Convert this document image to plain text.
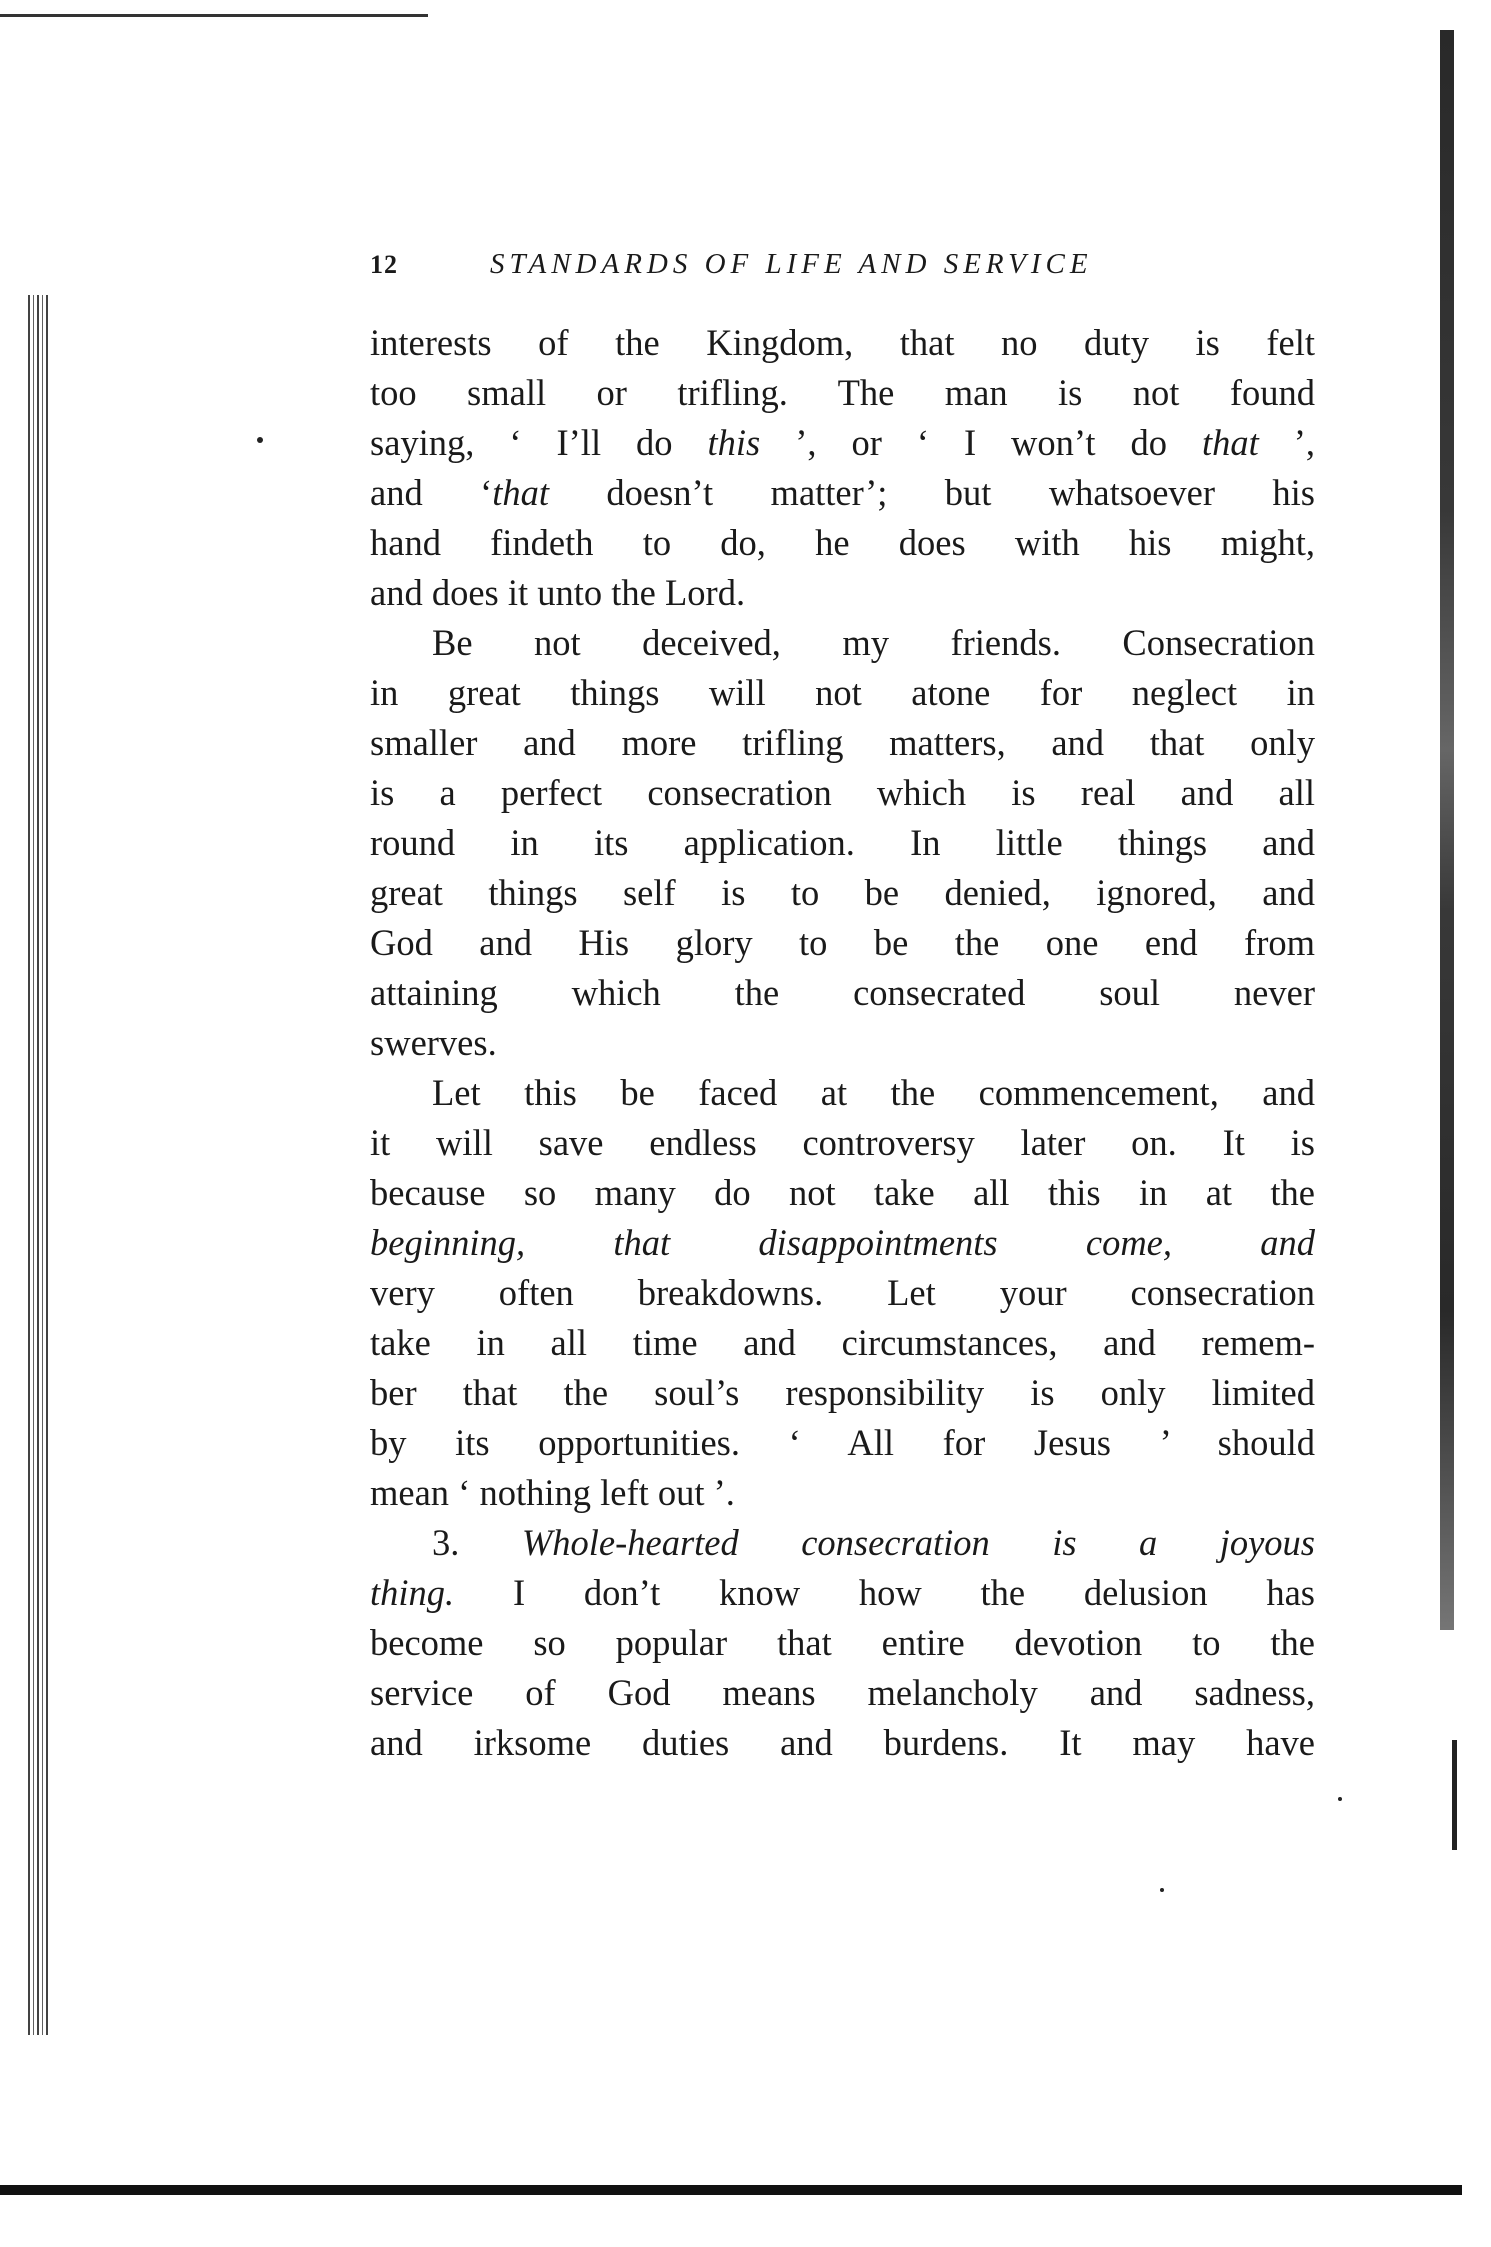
12	STANDARDS OF LIFE AND SERVICE
interests of the Kingdom, that no duty is felt
too small or trifling. The man is not found
saying, ‘ I’ll do this ’, or ‘ I won’t do that ’,
and ‘that doesn’t matter’; but whatsoever his
hand findeth to do, he does with his might,
and does it unto the Lord.
Be not deceived, my friends. Consecration
in great things will not atone for neglect in
smaller and more trifling matters, and that only
is a perfect consecration which is real and all
round in its application. In little things and
great things self is to be denied, ignored, and
God and His glory to be the one end from
attaining which the consecrated soul never
swerves.
Let this be faced at the commencement, and
it will save endless controversy later on. It is
because so many do not take all this in at the
beginning, that disappointments come, and
very often breakdowns. Let your consecration
take in all time and circumstances, and remem-
ber that the soul’s responsibility is only limited
by its opportunities. ‘ All for Jesus ’ should
mean ‘ nothing left out ’.
3. Whole-hearted consecration is a joyous
thing. I don’t know how the delusion has
become so popular that entire devotion to the
service of God means melancholy and sadness,
and irksome duties and burdens. It may have
